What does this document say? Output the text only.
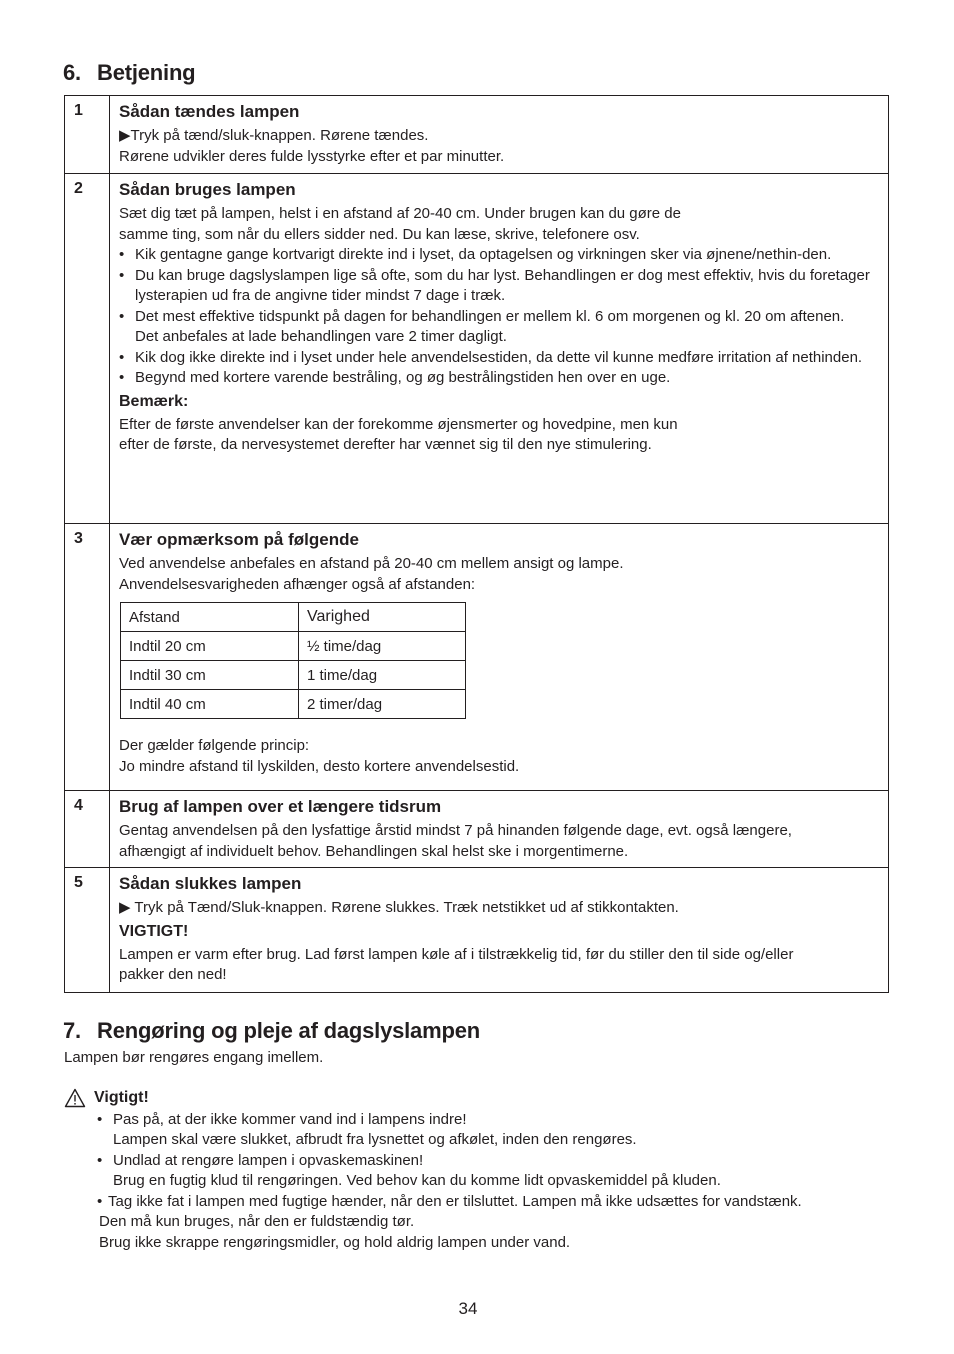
6. Betjening
1	Sådan tændes lampen
▶Tryk på tænd/sluk-knappen. Rørene tændes.
Rørene udvikler deres fulde lysstyrke efter et par minutter.

2	Sådan bruges lampen
Sæt dig tæt på lampen, helst i en afstand af 20-40 cm. Under brugen kan du gøre de
samme ting, som når du ellers sidder ned. Du kan læse, skrive, telefonere osv.
• Kik gentagne gange kortvarigt direkte ind i lyset, da optagelsen og virkningen sker via øjnene/nethin-den.
• Du kan bruge dagslyslampen lige så ofte, som du har lyst. Behandlingen er dog mest effektiv, hvis du foretager lysterapien ud fra de angivne tider mindst 7 dage i træk.
• Det mest effektive tidspunkt på dagen for behandlingen er mellem kl. 6 om morgenen og kl. 20 om aftenen.
Det anbefales at lade behandlingen vare 2 timer dagligt.
• Kik dog ikke direkte ind i lyset under hele anvendelsestiden, da dette vil kunne medføre irritation af nethinden.
• Begynd med kortere varende bestråling, og øg bestrålingstiden hen over en uge.
Bemærk:
Efter de første anvendelser kan der forekomme øjensmerter og hovedpine, men kun
efter de første, da nervesystemet derefter har vænnet sig til den nye stimulering.

3	Vær opmærksom på følgende
Ved anvendelse anbefales en afstand på 20-40 cm mellem ansigt og lampe.
Anvendelsesvarigheden afhænger også af afstanden:
Afstand	Varighed
Indtil 20 cm	½ time/dag
Indtil 30 cm	1 time/dag
Indtil 40 cm	2 timer/dag
Der gælder følgende princip:
Jo mindre afstand til lyskilden, desto kortere anvendelsestid.

4	Brug af lampen over et længere tidsrum
Gentag anvendelsen på den lysfattige årstid mindst 7 på hinanden følgende dage, evt. også længere,
afhængigt af individuelt behov. Behandlingen skal helst ske i morgentimerne.

5	Sådan slukkes lampen
▶ Tryk på Tænd/Sluk-knappen. Rørene slukkes. Træk netstikket ud af stikkontakten.
VIGTIGT!
Lampen er varm efter brug. Lad først lampen køle af i tilstrækkelig tid, før du stiller den til side og/eller
pakker den ned!
7. Rengøring og pleje af dagslyslampen
Lampen bør rengøres engang imellem.
Vigtigt!
• Pas på, at der ikke kommer vand ind i lampens indre!
Lampen skal være slukket, afbrudt fra lysnettet og afkølet, inden den rengøres.
• Undlad at rengøre lampen i opvaskemaskinen!
Brug en fugtig klud til rengøringen. Ved behov kan du komme lidt opvaskemiddel på kluden.
• Tag ikke fat i lampen med fugtige hænder, når den er tilsluttet. Lampen må ikke udsættes for vandstænk.
Den må kun bruges, når den er fuldstændig tør.
Brug ikke skrappe rengøringsmidler, og hold aldrig lampen under vand.
34
